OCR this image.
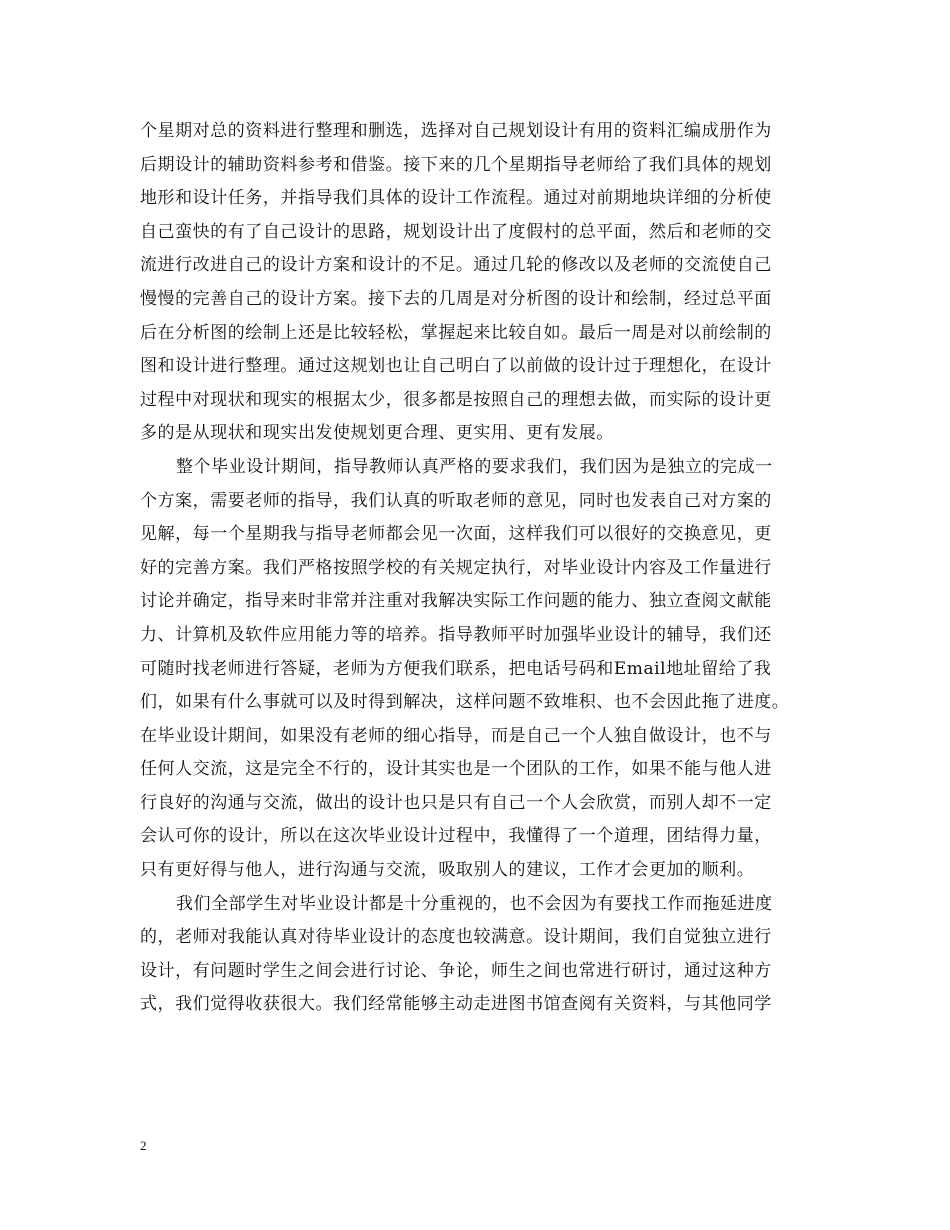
个星期对总的资料进行整理和删选，选择对自己规划设计有用的资料汇编成册作为
后期设计的辅助资料参考和借鉴。接下来的几个星期指导老师给了我们具体的规划
地形和设计任务，并指导我们具体的设计工作流程。通过对前期地块详细的分析使
自己蛮快的有了自己设计的思路，规划设计出了度假村的总平面，然后和老师的交
流进行改进自己的设计方案和设计的不足。通过几轮的修改以及老师的交流使自己
慢慢的完善自己的设计方案。接下去的几周是对分析图的设计和绘制，经过总平面
后在分析图的绘制上还是比较轻松，掌握起来比较自如。最后一周是对以前绘制的
图和设计进行整理。通过这规划也让自己明白了以前做的设计过于理想化，在设计
过程中对现状和现实的根据太少，很多都是按照自己的理想去做，而实际的设计更
多的是从现状和现实出发使规划更合理、更实用、更有发展。
整个毕业设计期间，指导教师认真严格的要求我们，我们因为是独立的完成一
个方案，需要老师的指导，我们认真的听取老师的意见，同时也发表自己对方案的
见解，每一个星期我与指导老师都会见一次面，这样我们可以很好的交换意见，更
好的完善方案。我们严格按照学校的有关规定执行，对毕业设计内容及工作量进行
讨论并确定，指导来时非常并注重对我解决实际工作问题的能力、独立查阅文献能
力、计算机及软件应用能力等的培养。指导教师平时加强毕业设计的辅导，我们还
可随时找老师进行答疑，老师为方便我们联系，把电话号码和Email地址留给了我
们，如果有什么事就可以及时得到解决，这样问题不致堆积、也不会因此拖了进度。
在毕业设计期间，如果没有老师的细心指导，而是自己一个人独自做设计，也不与
任何人交流，这是完全不行的，设计其实也是一个团队的工作，如果不能与他人进
行良好的沟通与交流，做出的设计也只是只有自己一个人会欣赏，而别人却不一定
会认可你的设计，所以在这次毕业设计过程中，我懂得了一个道理，团结得力量，
只有更好得与他人，进行沟通与交流，吸取别人的建议，工作才会更加的顺利。
我们全部学生对毕业设计都是十分重视的，也不会因为有要找工作而拖延进度
的，老师对我能认真对待毕业设计的态度也较满意。设计期间，我们自觉独立进行
设计，有问题时学生之间会进行讨论、争论，师生之间也常进行研讨，通过这种方
式，我们觉得收获很大。我们经常能够主动走进图书馆查阅有关资料，与其他同学
2
